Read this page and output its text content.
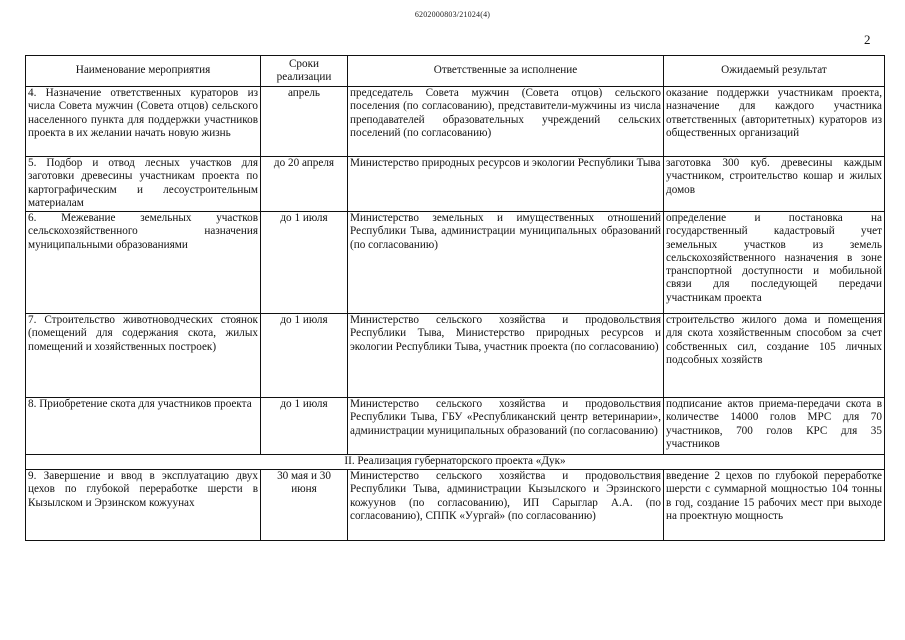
6202000803/21024(4)
2
Наименование мероприятия	Сроки реализации	Ответственные за исполнение	Ожидаемый результат
4. Назначение ответственных кураторов из числа Совета мужчин (Совета отцов) сельского населенного пункта для поддержки участников проекта в их желании начать новую жизнь	апрель	председатель Совета мужчин (Совета отцов) сельского поселения (по согласованию), представители-мужчины из числа преподавателей образовательных учреждений сельских поселений (по согласованию)	оказание поддержки участникам проекта, назначение для каждого участника ответственных (авторитетных) кураторов из общественных организаций
5. Подбор и отвод лесных участков для заготовки древесины участникам проекта по картографическим и лесоустроительным материалам	до 20 апреля	Министерство природных ресурсов и экологии Республики Тыва	заготовка 300 куб. древесины каждым участником, строительство кошар и жилых домов
6. Межевание земельных участков сельскохозяйственного назначения муниципальными образованиями	до 1 июля	Министерство земельных и имущественных отношений Республики Тыва, администрации муниципальных образований (по согласованию)	определение и постановка на государственный кадастровый учет земельных участков из земель сельскохозяйственного назначения в зоне транспортной доступности и мобильной связи для последующей передачи участникам проекта
7. Строительство животноводческих стоянок (помещений для содержания скота, жилых помещений и хозяйственных построек)	до 1 июля	Министерство сельского хозяйства и продовольствия Республики Тыва, Министерство природных ресурсов и экологии Республики Тыва, участник проекта (по согласованию)	строительство жилого дома и помещения для скота хозяйственным способом за счет собственных сил, создание 105 личных подсобных хозяйств
8. Приобретение скота для участников проекта	до 1 июля	Министерство сельского хозяйства и продовольствия Республики Тыва, ГБУ «Республиканский центр ветеринарии», администрации муниципальных образований (по согласованию)	подписание актов приема-передачи скота в количестве 14000 голов МРС для 70 участников, 700 голов КРС для 35 участников
II. Реализация губернаторского проекта «Дук»			
9. Завершение и ввод в эксплуатацию двух цехов по глубокой переработке шерсти в Кызылском и Эрзинском кожуунах	30 мая и 30 июня	Министерство сельского хозяйства и продовольствия Республики Тыва, администрации Кызылского и Эрзинского кожуунов (по согласованию), ИП Сарыглар А.А. (по согласованию), СППК «Уургай» (по согласованию)	введение 2 цехов по глубокой переработке шерсти с суммарной мощностью 104 тонны в год, создание 15 рабочих мест при выходе на проектную мощность
